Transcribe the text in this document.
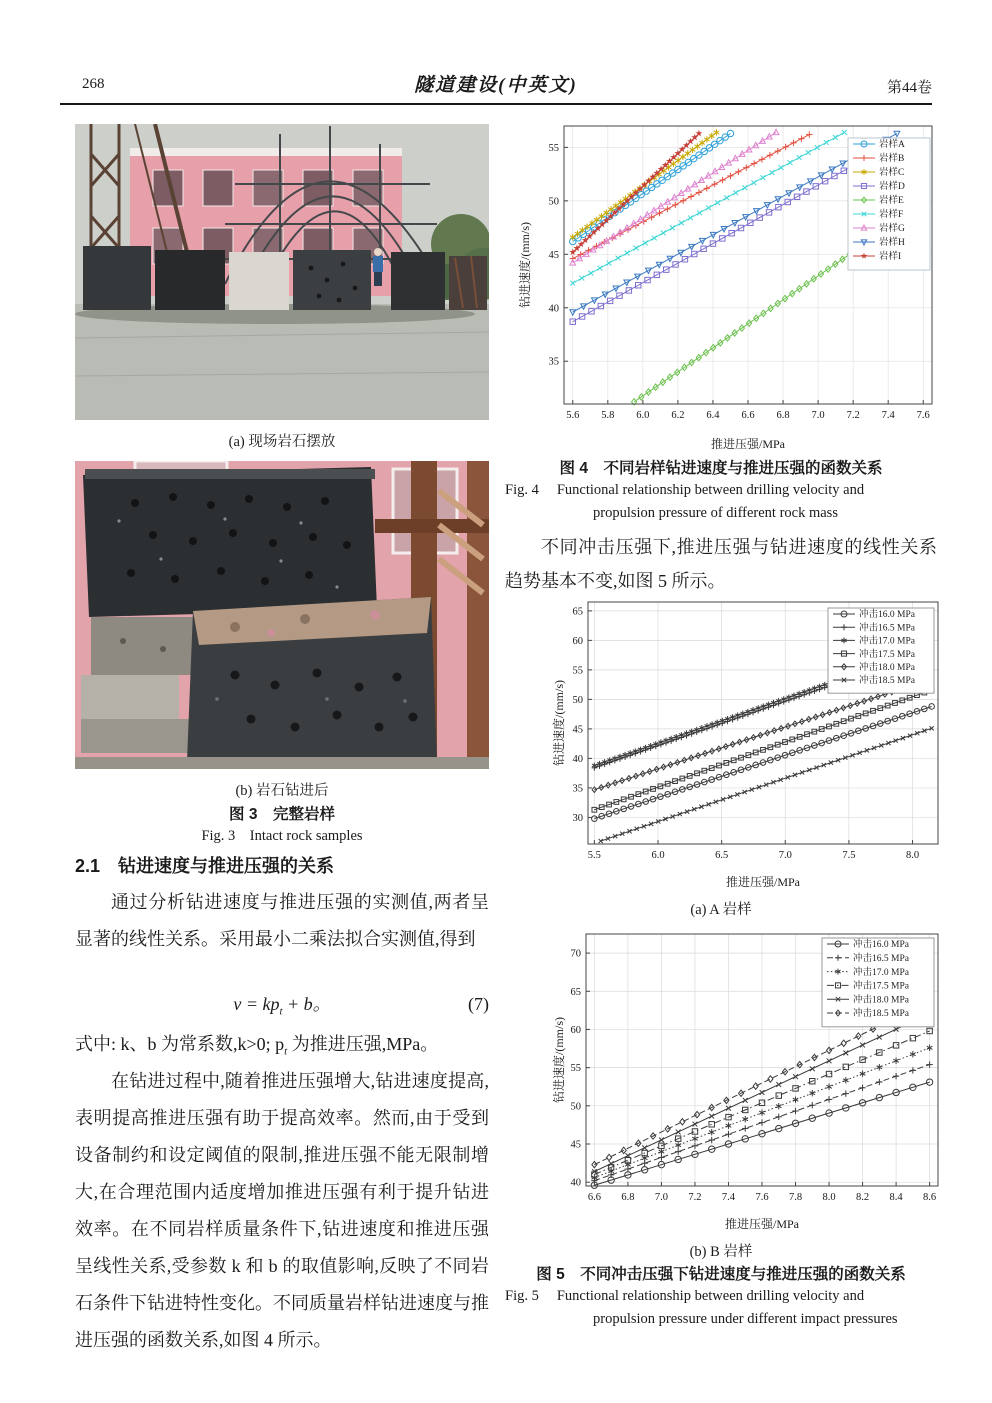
268	隧道建设(中英文)	第44卷
(a) 现场岩石摆放
(b) 岩石钻进后
图 3　完整岩样
Fig. 3 Intact rock samples
2.1　钻进速度与推进压强的关系
通过分析钻进速度与推进压强的实测值,两者呈显著的线性关系。采用最小二乘法拟合实测值,得到

$v = kp_t + b$。	(7)
式中: k、b 为常系数,k>0; $p_t$ 为推进压强,MPa。
在钻进过程中,随着推进压强增大,钻进速度提高,表明提高推进压强有助于提高效率。然而,由于受到设备制约和设定阈值的限制,推进压强不能无限制增大,在合理范围内适度增加推进压强有利于提升钻进效率。在不同岩样质量条件下,钻进速度和推进压强呈线性关系,受参数 k 和 b 的取值影响,反映了不同岩石条件下钻进特性变化。不同质量岩样钻进速度与推进压强的函数关系,如图 4 所示。
5.6 5.8 6.0 6.2 6.4 6.6 6.8 7.0 7.2 7.4 7.6
35
40
45
50
55
推进压强/MPa
钻进速度/(mm/s)
岩样A
岩样B
岩样C
岩样D
岩样E
岩样F
岩样G
岩样H
岩样I
图 4　不同岩样钻进速度与推进压强的函数关系
Fig. 4 Functional relationship between drilling velocity and
propulsion pressure of different rock mass
不同冲击压强下,推进压强与钻进速度的线性关系趋势基本不变,如图 5 所示。
5.5	6.0	6.5	7.0	7.5	8.0
30
35
40
45
50
55
60
65
推进压强/MPa
钻进速度/(mm/s)
冲击16.0 MPa
冲击16.5 MPa
冲击17.0 MPa
冲击17.5 MPa
冲击18.0 MPa
冲击18.5 MPa
(a) A 岩样
6.6 6.8 7.0 7.2 7.4 7.6 7.8 8.0 8.2 8.4 8.6
40
45
50
55
60
65
70
推进压强/MPa
钻进速度/(mm/s)
冲击16.0 MPa
冲击16.5 MPa
冲击17.0 MPa
冲击17.5 MPa
冲击18.0 MPa
冲击18.5 MPa
(b) B 岩样
图 5　不同冲击压强下钻进速度与推进压强的函数关系
Fig. 5 Functional relationship between drilling velocity and
propulsion pressure under different impact pressures
